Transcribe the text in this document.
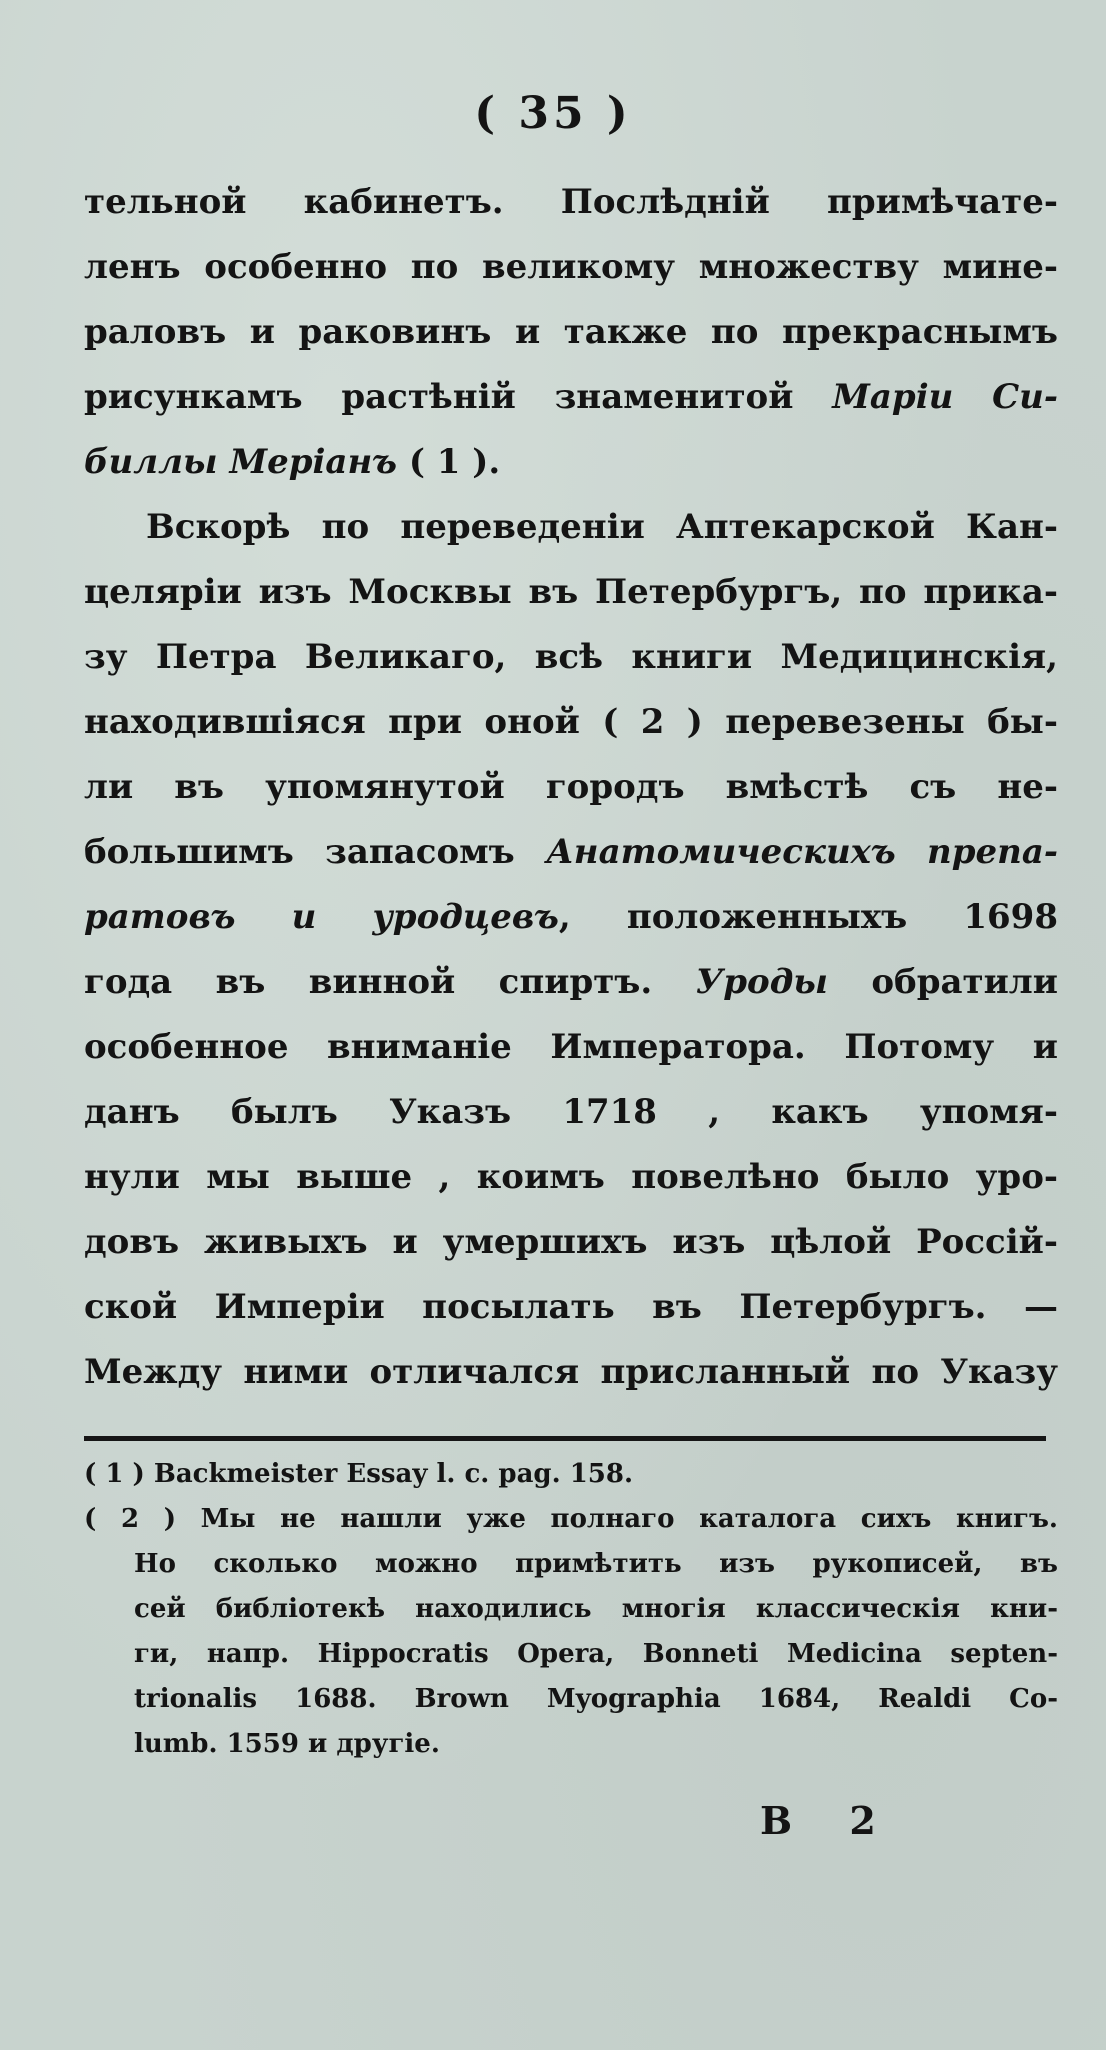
( 35 )
тельной кабинетъ. Послѣдній примѣчате-
ленъ особенно по великому множеству мине-
раловъ и раковинъ и также по прекраснымъ
рисункамъ растѣній знаменитой Маріи Си-
биллы Меріанъ ( 1 ).
Вскорѣ по переведеніи Аптекарской Кан-
целяріи изъ Москвы въ Петербургъ, по прика-
зу Петра Великаго, всѣ книги Медицинскія,
находившіяся при оной ( 2 ) перевезены бы-
ли въ упомянутой городъ вмѣстѣ съ не-
большимъ запасомъ Анатомическихъ препа-
ратовъ и уродцевъ, положенныхъ 1698
года въ винной спиртъ. Уроды обратили
особенное вниманіе Императора. Потому и
данъ былъ Указъ 1718 , какъ упомя-
нули мы выше , коимъ повелѣно было уро-
довъ живыхъ и умершихъ изъ цѣлой Россій-
ской Имперіи посылать въ Петербургъ. —
Между ними отличался присланный по Указу
( 1 ) Backmeister Essay l. c. pag. 158.
( 2 ) Мы не нашли уже полнаго каталога сихъ книгъ.
Но сколько можно примѣтить изъ рукописей, въ
сей библіотекѣ находились многія классическія кни-
ги, напр. Hippocratis Opera, Bonneti Medicina septen-
trionalis 1688. Brown Myographia 1684, Realdi Co-
lumb. 1559 и другіе.
B 2
